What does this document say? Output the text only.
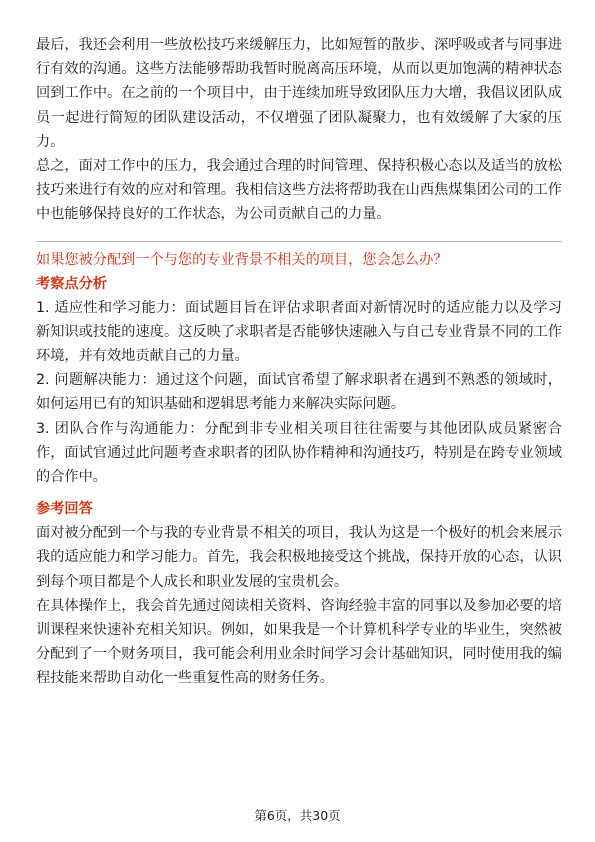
最后，我还会利用一些放松技巧来缓解压力，比如短暂的散步、深呼吸或者与同事进行有效的沟通。这些方法能够帮助我暂时脱离高压环境，从而以更加饱满的精神状态回到工作中。在之前的一个项目中，由于连续加班导致团队压力大增，我倡议团队成员一起进行简短的团队建设活动，不仅增强了团队凝聚力，也有效缓解了大家的压力。

总之，面对工作中的压力，我会通过合理的时间管理、保持积极心态以及适当的放松技巧来进行有效的应对和管理。我相信这些方法将帮助我在山西焦煤集团公司的工作中也能够保持良好的工作状态，为公司贡献自己的力量。

如果您被分配到一个与您的专业背景不相关的项目，您会怎么办？

考察点分析

1. 适应性和学习能力：面试题目旨在评估求职者面对新情况时的适应能力以及学习新知识或技能的速度。这反映了求职者是否能够快速融入与自己专业背景不同的工作环境，并有效地贡献自己的力量。

2. 问题解决能力：通过这个问题，面试官希望了解求职者在遇到不熟悉的领域时，如何运用已有的知识基础和逻辑思考能力来解决实际问题。

3. 团队合作与沟通能力：分配到非专业相关项目往往需要与其他团队成员紧密合作，面试官通过此问题考查求职者的团队协作精神和沟通技巧，特别是在跨专业领域的合作中。

参考回答

面对被分配到一个与我的专业背景不相关的项目，我认为这是一个极好的机会来展示我的适应能力和学习能力。首先，我会积极地接受这个挑战，保持开放的心态，认识到每个项目都是个人成长和职业发展的宝贵机会。

在具体操作上，我会首先通过阅读相关资料、咨询经验丰富的同事以及参加必要的培训课程来快速补充相关知识。例如，如果我是一个计算机科学专业的毕业生，突然被分配到了一个财务项目，我可能会利用业余时间学习会计基础知识，同时使用我的编程技能来帮助自动化一些重复性高的财务任务。

第6页，共30页
